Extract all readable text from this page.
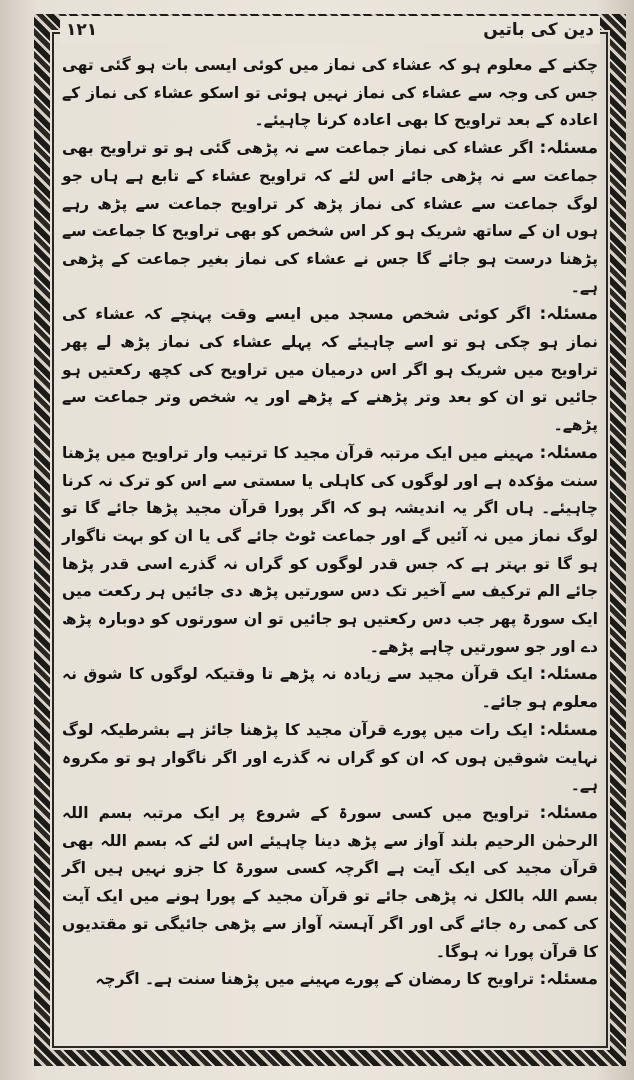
۱۲۱	دین کی باتیں

چکنے کے معلوم ہو کہ عشاء کی نماز میں کوئی ایسی بات ہو گئی تھی جس کی وجہ سے عشاء کی نماز نہیں ہوئی تو اسکو عشاء کی نماز کے اعادہ کے بعد تراویح کا بھی اعادہ کرنا چاہیئے۔

مسئلہ: اگر عشاء کی نماز جماعت سے نہ پڑھی گئی ہو تو تراویح بھی جماعت سے نہ پڑھی جائے اس لئے کہ تراویح عشاء کے تابع ہے ہاں جو لوگ جماعت سے عشاء کی نماز پڑھ کر تراویح جماعت سے پڑھ رہے ہوں ان کے ساتھ شریک ہو کر اس شخص کو بھی تراویح کا جماعت سے پڑھنا درست ہو جائے گا جس نے عشاء کی نماز بغیر جماعت کے پڑھی ہے۔

مسئلہ: اگر کوئی شخص مسجد میں ایسے وقت پہنچے کہ عشاء کی نماز ہو چکی ہو تو اسے چاہیئے کہ پہلے عشاء کی نماز پڑھ لے پھر تراویح میں شریک ہو اگر اس درمیان میں تراویح کی کچھ رکعتیں ہو جائیں تو ان کو بعد وتر پڑھنے کے پڑھے اور یہ شخص وتر جماعت سے پڑھے۔

مسئلہ: مہینے میں ایک مرتبہ قرآن مجید کا ترتیب وار تراویح میں پڑھنا سنت مؤکدہ ہے اور لوگوں کی کاہلی یا سستی سے اس کو ترک نہ کرنا چاہیئے۔ ہاں اگر یہ اندیشہ ہو کہ اگر پورا قرآن مجید پڑھا جائے گا تو لوگ نماز میں نہ آئیں گے اور جماعت ٹوٹ جائے گی یا ان کو بہت ناگوار ہو گا تو بہتر ہے کہ جس قدر لوگوں کو گراں نہ گذرے اسی قدر پڑھا جائے الم ترکیف سے آخیر تک دس سورتیں پڑھ دی جائیں ہر رکعت میں ایک سورۃ پھر جب دس رکعتیں ہو جائیں تو ان سورتوں کو دوبارہ پڑھ دے اور جو سورتیں چاہے پڑھے۔

مسئلہ: ایک قرآن مجید سے زیادہ نہ پڑھے تا وقتیکہ لوگوں کا شوق نہ معلوم ہو جائے۔

مسئلہ: ایک رات میں پورے قرآن مجید کا پڑھنا جائز ہے بشرطیکہ لوگ نہایت شوقین ہوں کہ ان کو گراں نہ گذرے اور اگر ناگوار ہو تو مکروہ ہے۔

مسئلہ: تراویح میں کسی سورۃ کے شروع پر ایک مرتبہ بسم اللہ الرحمٰن الرحیم بلند آواز سے پڑھ دینا چاہیئے اس لئے کہ بسم اللہ بھی قرآن مجید کی ایک آیت ہے اگرچہ کسی سورۃ کا جزو نہیں ہیں اگر بسم اللہ بالکل نہ پڑھی جائے تو قرآن مجید کے پورا ہونے میں ایک آیت کی کمی رہ جائے گی اور اگر آہستہ آواز سے پڑھی جائیگی تو مقتدیوں کا قرآن پورا نہ ہوگا۔

مسئلہ: تراویح کا رمضان کے پورے مہینے میں پڑھنا سنت ہے۔ اگرچہ
